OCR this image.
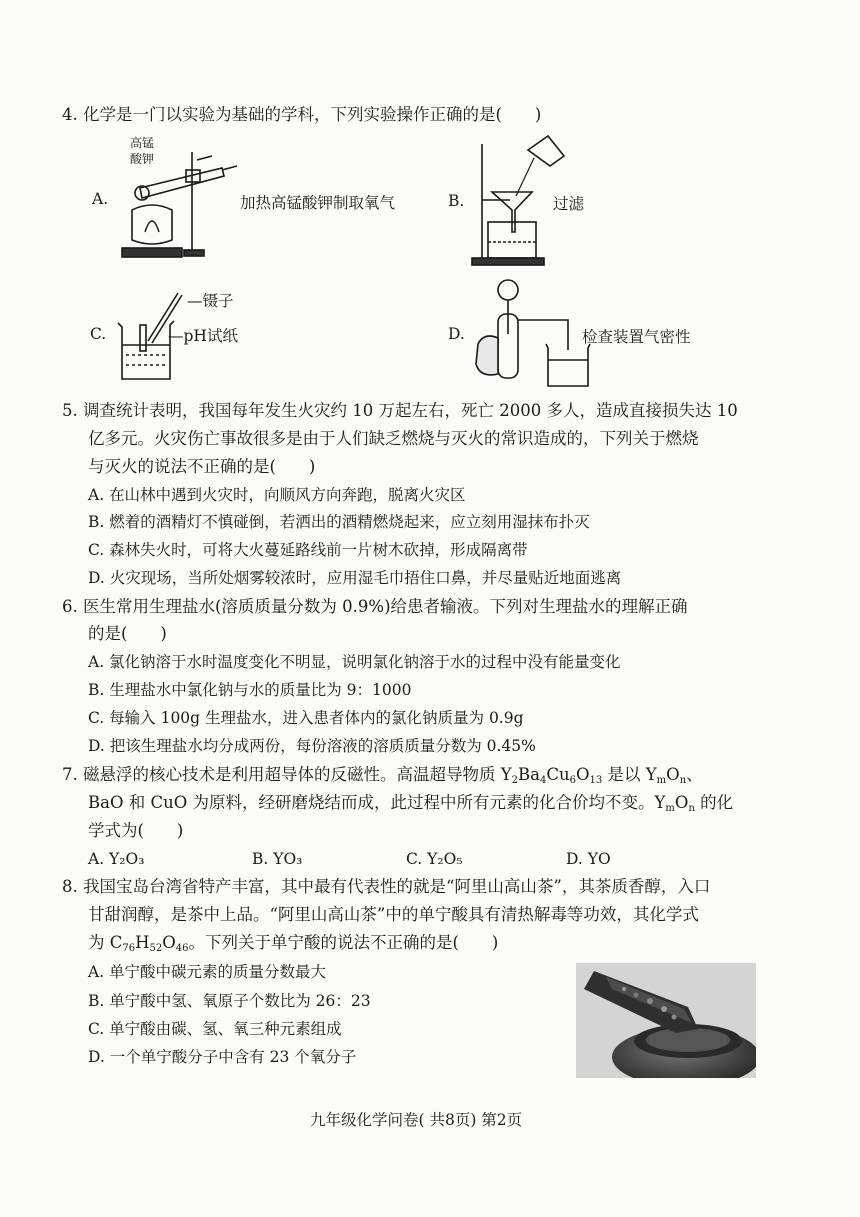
4. 化学是一门以实验为基础的学科，下列实验操作正确的是(　　)
A.
高锰
酸钾
加热高锰酸钾制取氧气	B.	过滤
C.
—镊子
—pH试纸	D.	检查装置气密性
5. 调查统计表明，我国每年发生火灾约 10 万起左右，死亡 2000 多人，造成直接损失达 10
亿多元。火灾伤亡事故很多是由于人们缺乏燃烧与灭火的常识造成的，下列关于燃烧
与灭火的说法不正确的是(　　)
A. 在山林中遇到火灾时，向顺风方向奔跑，脱离火灾区
B. 燃着的酒精灯不慎碰倒，若洒出的酒精燃烧起来，应立刻用湿抹布扑灭
C. 森林失火时，可将大火蔓延路线前一片树木砍掉，形成隔离带
D. 火灾现场，当所处烟雾较浓时，应用湿毛巾捂住口鼻，并尽量贴近地面逃离
6. 医生常用生理盐水(溶质质量分数为 0.9%)给患者输液。下列对生理盐水的理解正确
的是(　　)
A. 氯化钠溶于水时温度变化不明显，说明氯化钠溶于水的过程中没有能量变化
B. 生理盐水中氯化钠与水的质量比为 9：1000
C. 每输入 100g 生理盐水，进入患者体内的氯化钠质量为 0.9g
D. 把该生理盐水均分成两份，每份溶液的溶质质量分数为 0.45%
7. 磁悬浮的核心技术是利用超导体的反磁性。高温超导物质 $Y_2Ba_4Cu_6O_{13}$ 是以 $Y_mO_n$、
BaO 和 CuO 为原料，经研磨烧结而成，此过程中所有元素的化合价均不变。$Y_mO_n$ 的化
学式为(　　)
A. Y₂O₃	B. YO₃	C. Y₂O₅	D. YO
8. 我国宝岛台湾省特产丰富，其中最有代表性的就是“阿里山高山茶”，其茶质香醇，入口
甘甜润醇，是茶中上品。“阿里山高山茶”中的单宁酸具有清热解毒等功效，其化学式
为 $C_{76}H_{52}O_{46}$。下列关于单宁酸的说法不正确的是(　　)
A. 单宁酸中碳元素的质量分数最大
B. 单宁酸中氢、氧原子个数比为 26：23
C. 单宁酸由碳、氢、氧三种元素组成
D. 一个单宁酸分子中含有 23 个氧分子
九年级化学问卷( 共8页) 第2页
